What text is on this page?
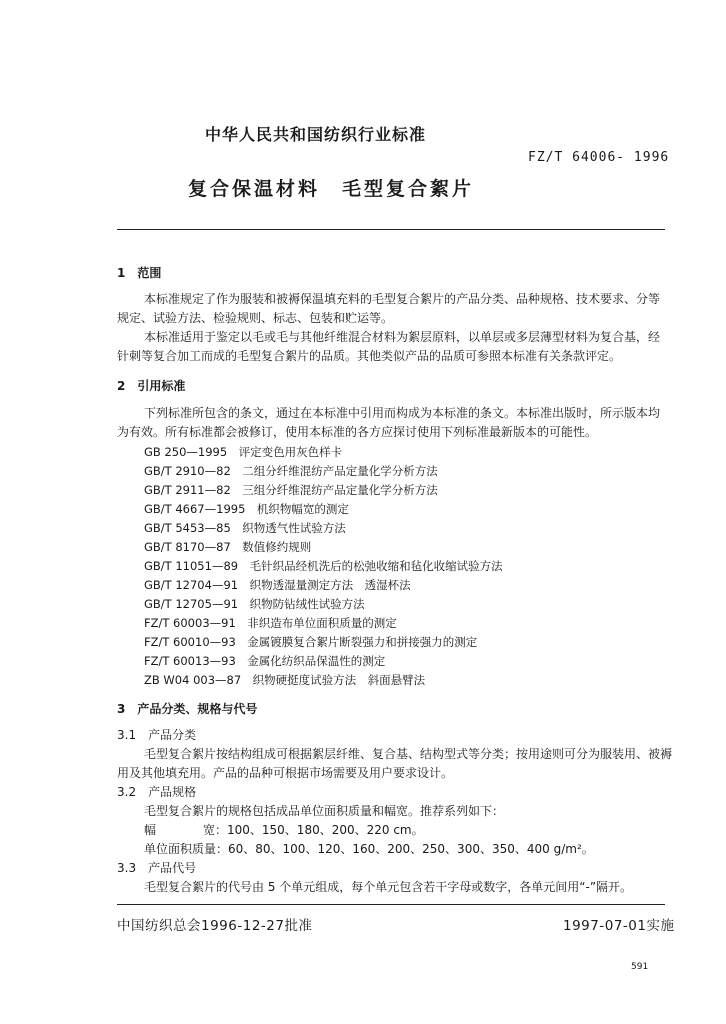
中华人民共和国纺织行业标准
FZ/T 64006- 1996
复合保温材料　毛型复合絮片
1　范围
本标准规定了作为服装和被褥保温填充料的毛型复合絮片的产品分类、品种规格、技术要求、分等
规定、试验方法、检验规则、标志、包装和贮运等。
本标准适用于鉴定以毛或毛与其他纤维混合材料为絮层原料，以单层或多层薄型材料为复合基，经
针刺等复合加工而成的毛型复合絮片的品质。其他类似产品的品质可参照本标准有关条款评定。
2　引用标准
下列标准所包含的条文，通过在本标准中引用而构成为本标准的条文。本标准出版时，所示版本均
为有效。所有标准都会被修订，使用本标准的各方应探讨使用下列标准最新版本的可能性。
GB 250—1995　评定变色用灰色样卡
GB/T 2910—82　二组分纤维混纺产品定量化学分析方法
GB/T 2911—82　三组分纤维混纺产品定量化学分析方法
GB/T 4667—1995　机织物幅宽的测定
GB/T 5453—85　织物透气性试验方法
GB/T 8170—87　数值修约规则
GB/T 11051—89　毛针织品经机洗后的松弛收缩和毡化收缩试验方法
GB/T 12704—91　织物透湿量测定方法　透湿杯法
GB/T 12705—91　织物防钻绒性试验方法
FZ/T 60003—91　非织造布单位面积质量的测定
FZ/T 60010—93　金属镀膜复合絮片断裂强力和拼接强力的测定
FZ/T 60013—93　金属化纺织品保温性的测定
ZB W04 003—87　织物硬挺度试验方法　斜面悬臂法
3　产品分类、规格与代号
3.1　产品分类
毛型复合絮片按结构组成可根据絮层纤维、复合基、结构型式等分类；按用途则可分为服装用、被褥
用及其他填充用。产品的品种可根据市场需要及用户要求设计。
3.2　产品规格
毛型复合絮片的规格包括成品单位面积质量和幅宽。推荐系列如下：
幅	宽：100、150、180、200、220 cm。
单位面积质量：60、80、100、120、160、200、250、300、350、400 g/m²。
3.3　产品代号
毛型复合絮片的代号由 5 个单元组成，每个单元包含若干字母或数字，各单元间用“-”隔开。
中国纺织总会1996-12-27批准	1997-07-01实施
591
